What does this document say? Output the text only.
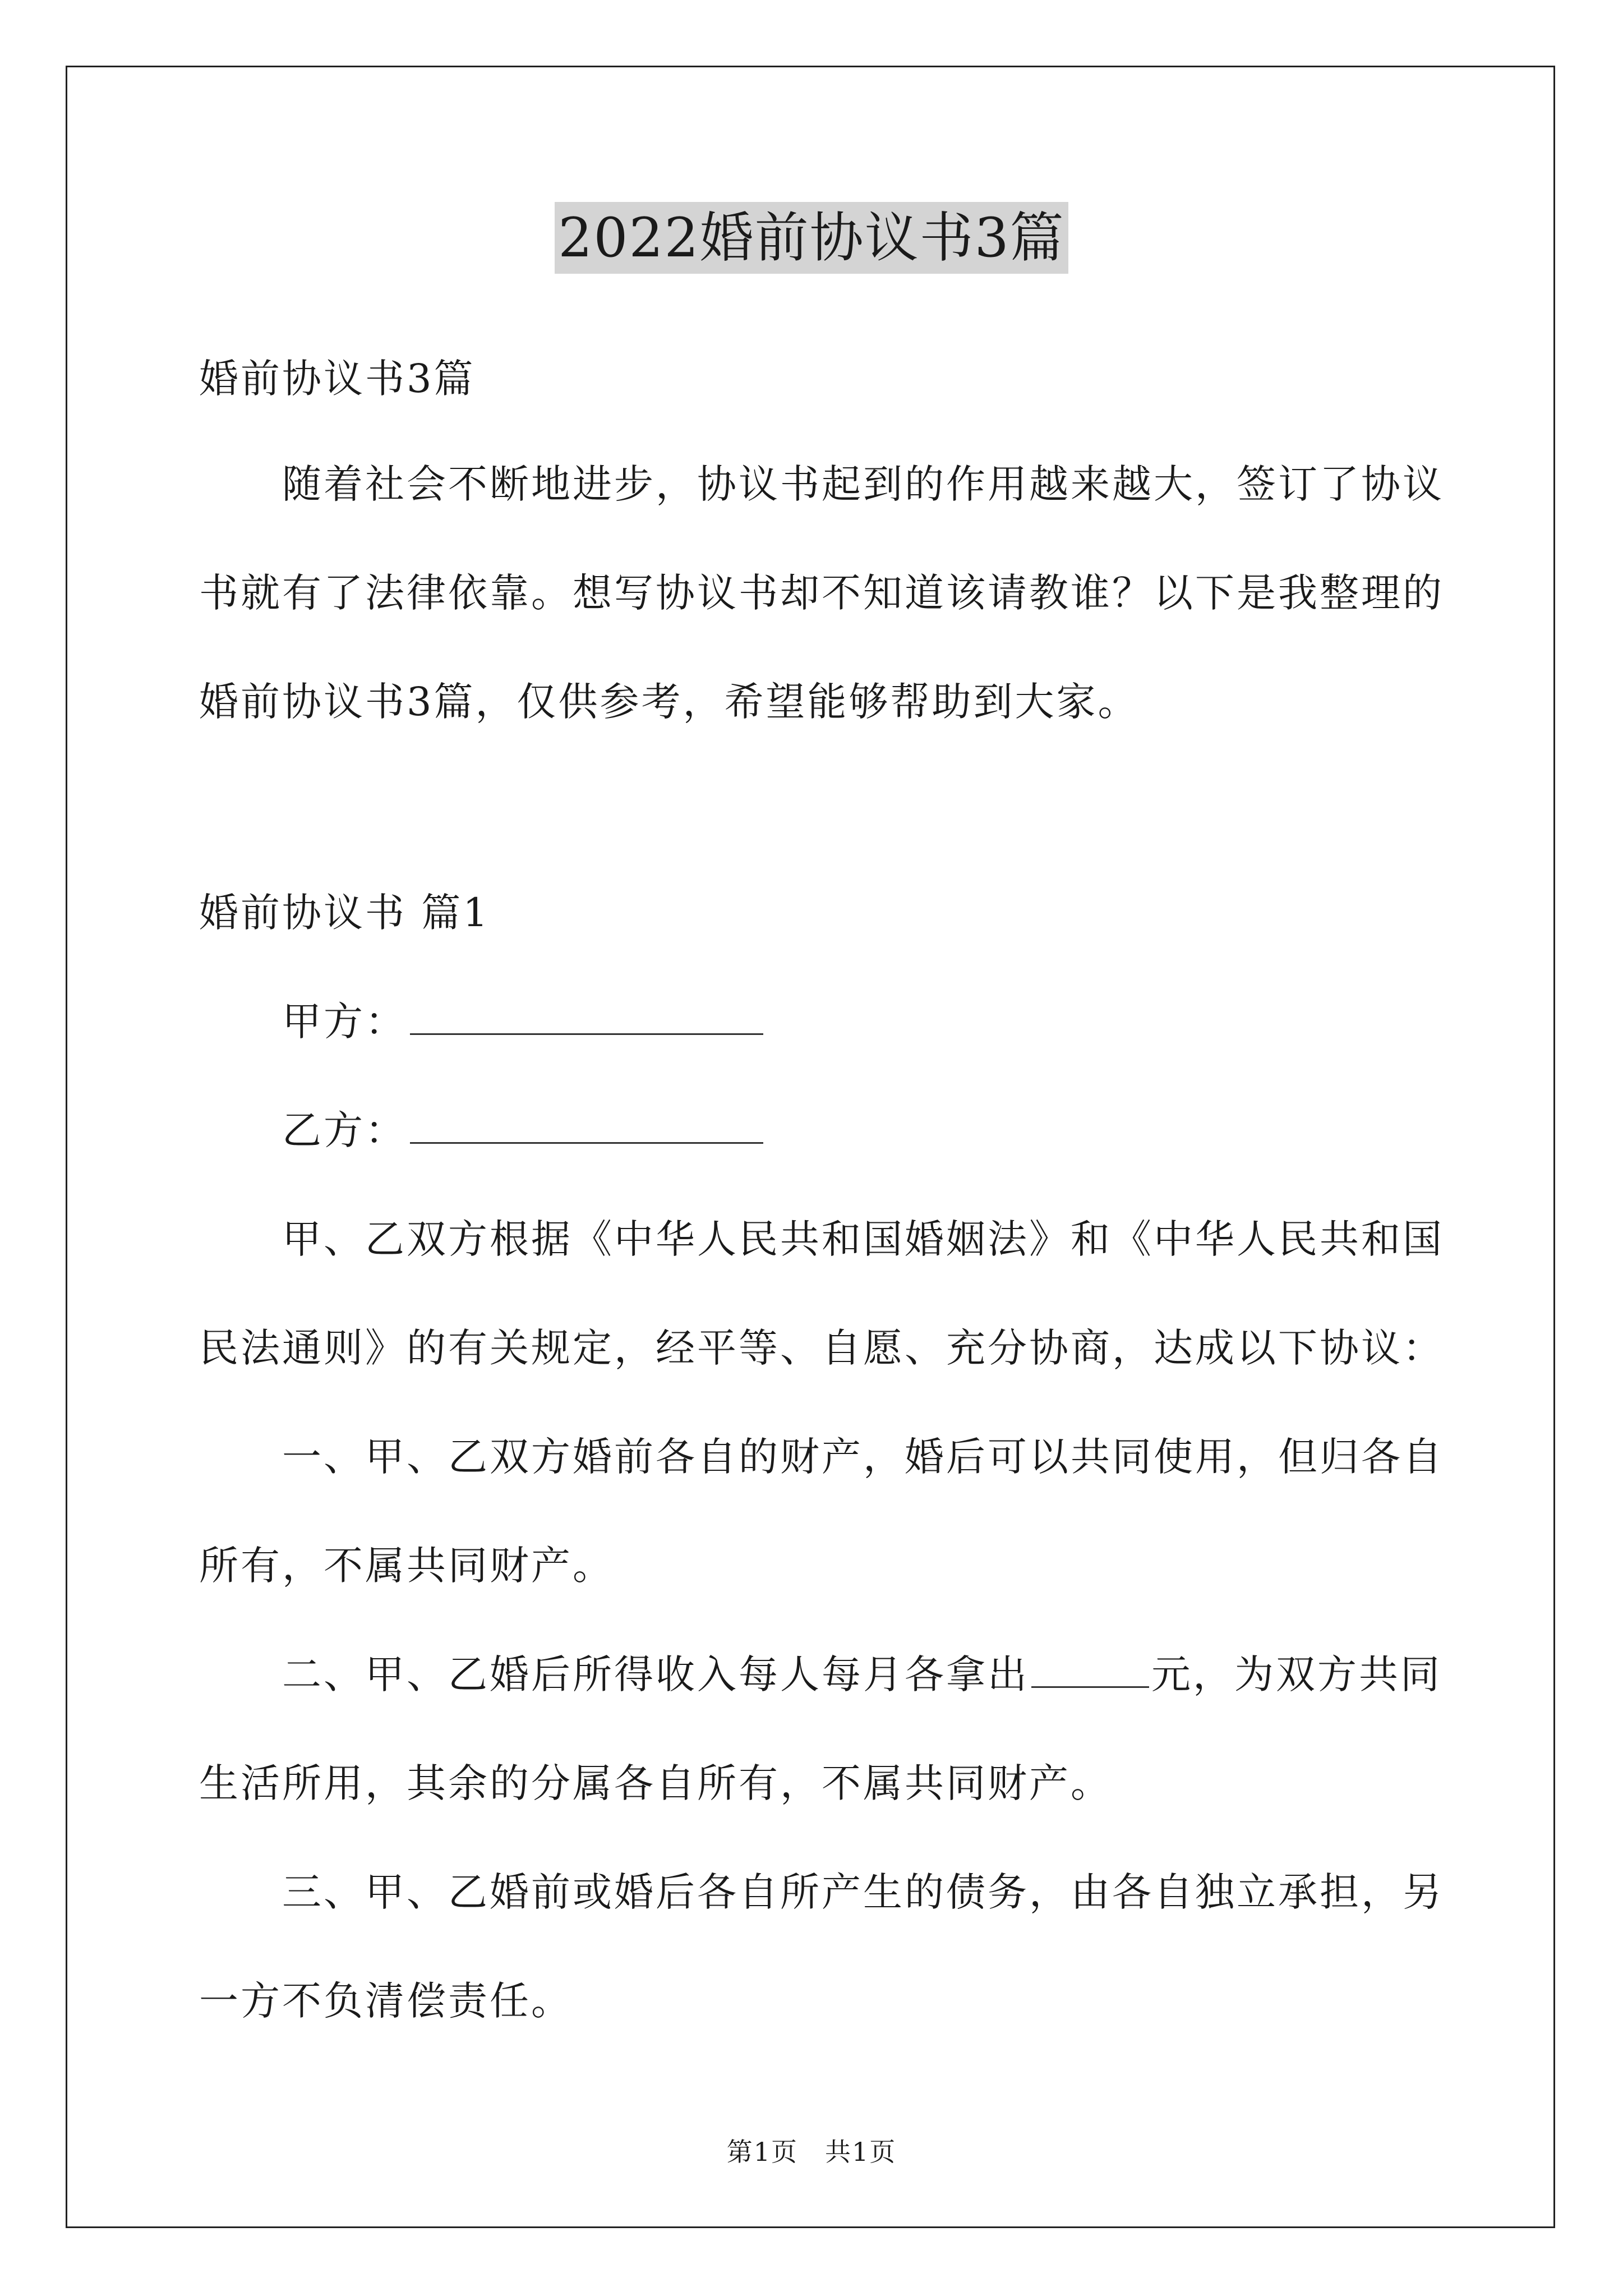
2022婚前协议书3篇
婚前协议书3篇
随着社会不断地进步，协议书起到的作用越来越大，签订了协议
书就有了法律依靠。想写协议书却不知道该请教谁？以下是我整理的
婚前协议书3篇，仅供参考，希望能够帮助到大家。
婚前协议书 篇1
甲方：
乙方：
甲、乙双方根据《中华人民共和国婚姻法》和《中华人民共和国
民法通则》的有关规定，经平等、自愿、充分协商，达成以下协议：
一、甲、乙双方婚前各自的财产，婚后可以共同使用，但归各自
所有，不属共同财产。
二、甲、乙婚后所得收入每人每月各拿出	元，为双方共同
生活所用，其余的分属各自所有，不属共同财产。
三、甲、乙婚前或婚后各自所产生的债务，由各自独立承担，另
一方不负清偿责任。
第1页　共1页
